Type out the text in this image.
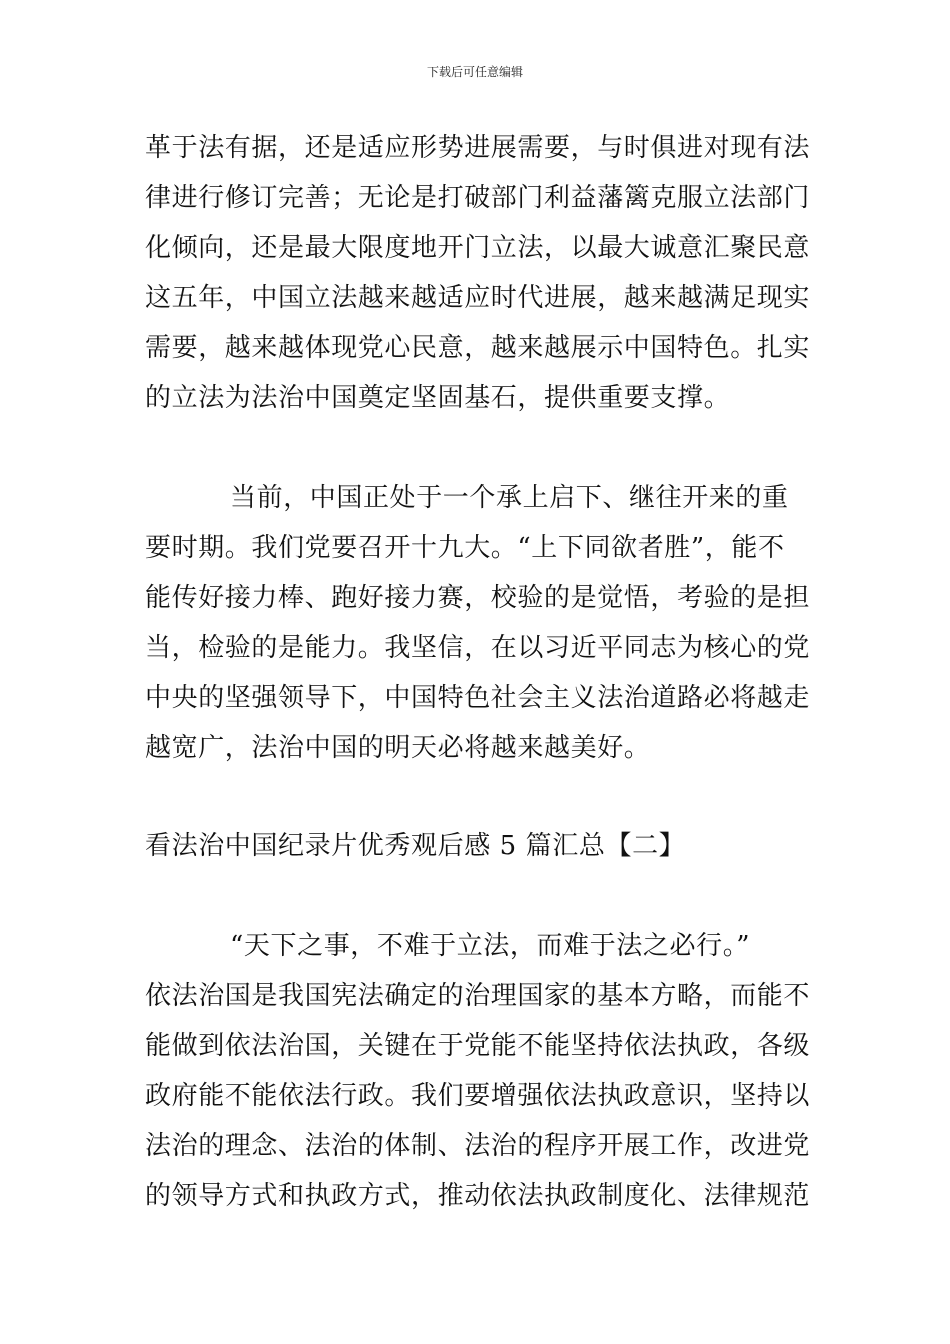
下载后可任意编辑
革于法有据，还是适应形势进展需要，与时俱进对现有法
律进行修订完善；无论是打破部门利益藩篱克服立法部门
化倾向，还是最大限度地开门立法，以最大诚意汇聚民意
这五年，中国立法越来越适应时代进展，越来越满足现实
需要，越来越体现党心民意，越来越展示中国特色。扎实
的立法为法治中国奠定坚固基石，提供重要支撑。
当前，中国正处于一个承上启下、继往开来的重
要时期。我们党要召开十九大。“上下同欲者胜”，能不
能传好接力棒、跑好接力赛，校验的是觉悟，考验的是担
当，检验的是能力。我坚信，在以习近平同志为核心的党
中央的坚强领导下，中国特色社会主义法治道路必将越走
越宽广，法治中国的明天必将越来越美好。
看法治中国纪录片优秀观后感 5 篇汇总【二】
“天下之事，不难于立法，而难于法之必行。”
依法治国是我国宪法确定的治理国家的基本方略，而能不
能做到依法治国，关键在于党能不能坚持依法执政，各级
政府能不能依法行政。我们要增强依法执政意识，坚持以
法治的理念、法治的体制、法治的程序开展工作，改进党
的领导方式和执政方式，推动依法执政制度化、法律规范
